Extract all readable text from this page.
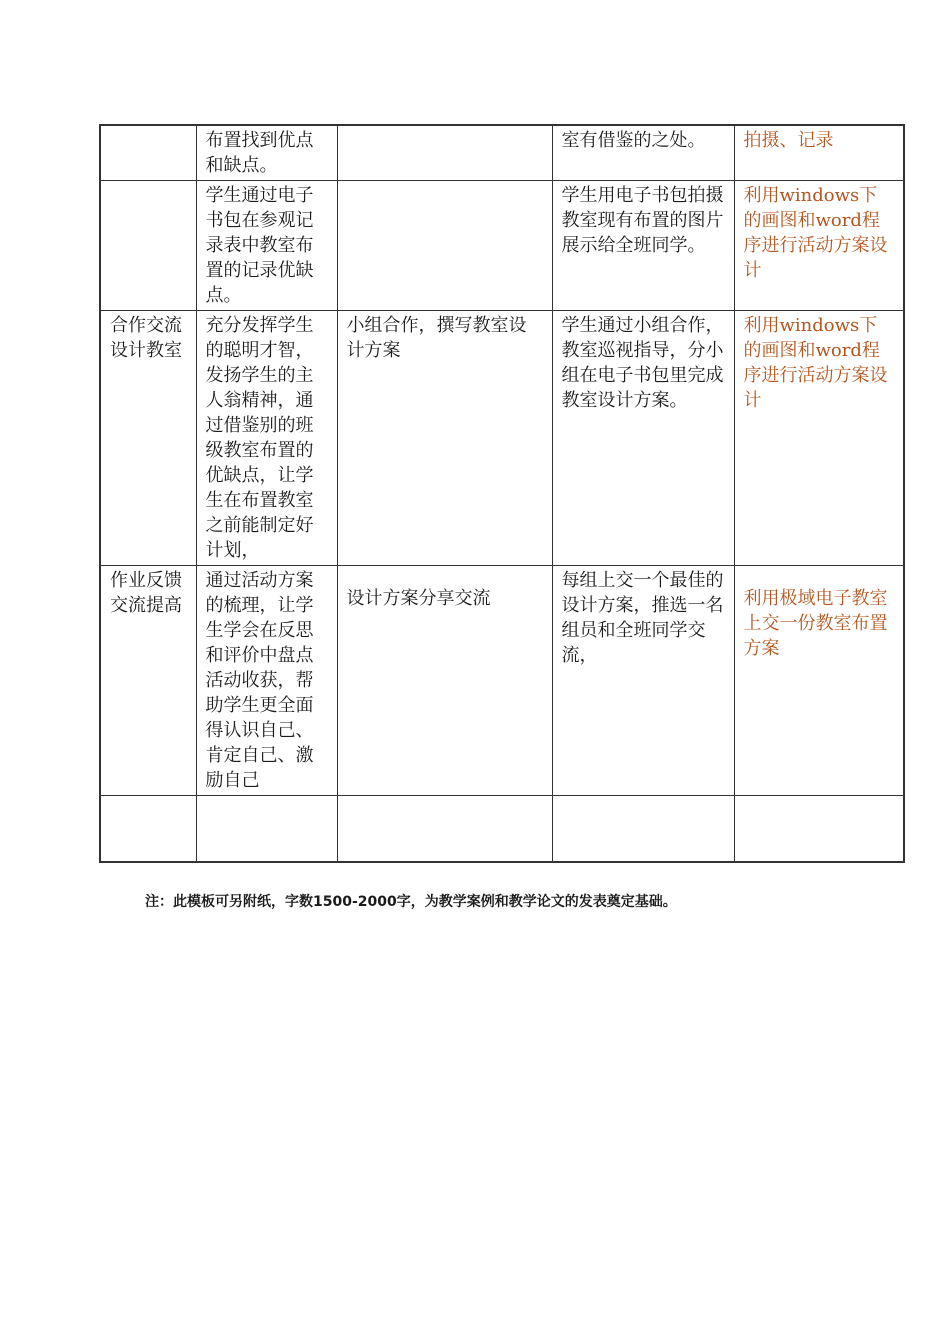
	布置找到优点和缺点。		室有借鉴的之处。	拍摄、记录
	学生通过电子书包在参观记录表中教室布置的记录优缺点。		学生用电子书包拍摄教室现有布置的图片展示给全班同学。	利用windows下的画图和word程序进行活动方案设计
合作交流设计教室	充分发挥学生的聪明才智，发扬学生的主人翁精神，通过借鉴别的班级教室布置的优缺点，让学生在布置教室之前能制定好计划，	小组合作，撰写教室设计方案	学生通过小组合作，教室巡视指导，分小组在电子书包里完成教室设计方案。	利用windows下的画图和word程序进行活动方案设计
作业反馈交流提高	通过活动方案的梳理，让学生学会在反思和评价中盘点活动收获，帮助学生更全面得认识自己、肯定自己、激励自己	设计方案分享交流	每组上交一个最佳的设计方案，推选一名组员和全班同学交流，	利用极域电子教室上交一份教室布置方案

注：此模板可另附纸，字数1500-2000字，为教学案例和教学论文的发表奠定基础。
